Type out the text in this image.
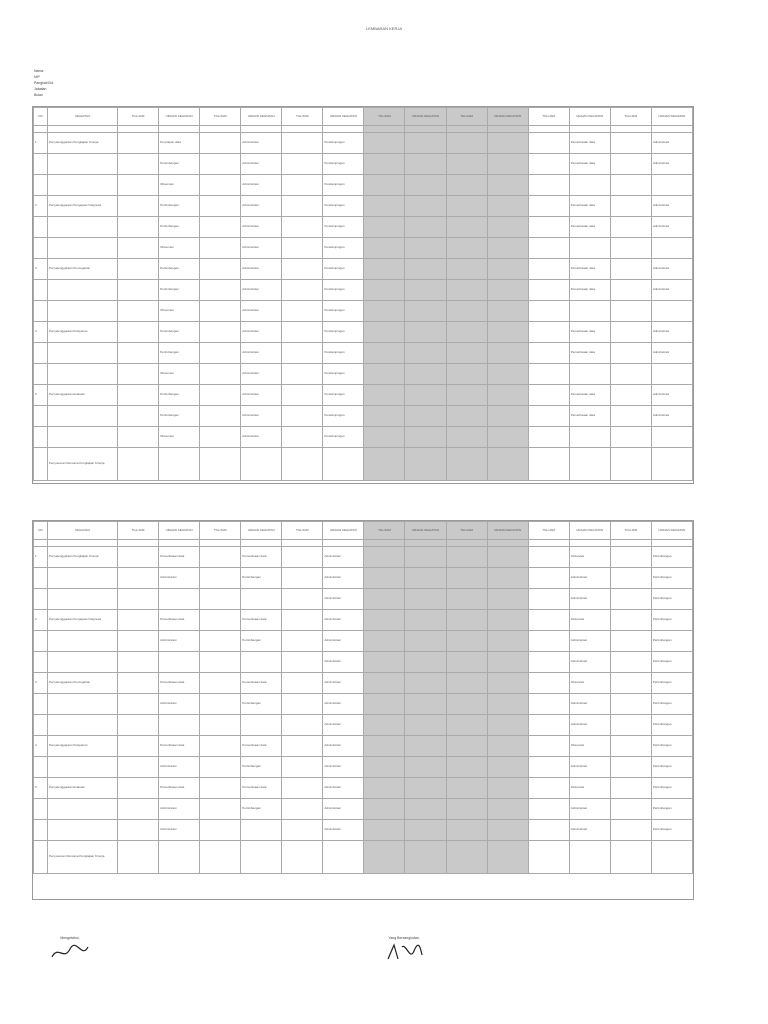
LEMBARAN KERJA
Nama
NIP
Pangkat/Gol
Jabatan
Bulan
NO	KEGIATAN	TGL/JAM	URAIAN KEGIATAN	TGL/JAM	URAIAN KEGIATAN	TGL/JAM	URAIAN KEGIATAN	TGL/JAM	URAIAN KEGIATAN	TGL/JAM	URAIAN KEGIATAN	TGL/JAM	URAIAN KEGIATAN	TGL/JAM	URAIAN KEGIATAN

1	Penyelenggaraan Pengkajian Kinerja		Penyiapan data		Administrasi		Pendampingan						Pemeriksaan data		Administrasi
			Pertimbangan		Administrasi		Pendampingan						Pemeriksaan data		Administrasi
			Observasi		Administrasi		Pendampingan								
2	Penyelenggaraan Pengajuan Diagnosa		Pertimbangan		Administrasi		Pendampingan						Pemeriksaan data		Administrasi
			Pertimbangan		Administrasi		Pendampingan						Pemeriksaan data		Administrasi
			Observasi		Administrasi		Pendampingan								
3	Penyelenggaraan Pencegahan		Pertimbangan		Administrasi		Pendampingan						Pemeriksaan data		Administrasi
			Pertimbangan		Administrasi		Pendampingan						Pemeriksaan data		Administrasi
			Observasi		Administrasi		Pendampingan								
4	Penyelenggaraan Pelayanan		Pertimbangan		Administrasi		Pendampingan						Pemeriksaan data		Administrasi
			Pertimbangan		Administrasi		Pendampingan						Pemeriksaan data		Administrasi
			Observasi		Administrasi		Pendampingan								
5	Penyelenggaraan Evaluasi		Pertimbangan		Administrasi		Pendampingan						Pemeriksaan data		Administrasi
			Pertimbangan		Administrasi		Pendampingan						Pemeriksaan data		Administrasi
			Observasi		Administrasi		Pendampingan								
	Penyusunan Rencana Pengkajian Kinerja														
NO	KEGIATAN	TGL/JAM	URAIAN KEGIATAN	TGL/JAM	URAIAN KEGIATAN	TGL/JAM	URAIAN KEGIATAN	TGL/JAM	URAIAN KEGIATAN	TGL/JAM	URAIAN KEGIATAN	TGL/JAM	URAIAN KEGIATAN	TGL/JAM	URAIAN KEGIATAN

1	Penyelenggaraan Pengkajian Kinerja		Pemeriksaan data		Pemeriksaan data		Administrasi						Observasi		Pertimbangan
			Administrasi		Pertimbangan		Administrasi						Administrasi		Pertimbangan
							Administrasi						Administrasi		Pertimbangan
2	Penyelenggaraan Pengajuan Diagnosa		Pemeriksaan data		Pemeriksaan data		Administrasi						Observasi		Pertimbangan
			Administrasi		Pertimbangan		Administrasi						Administrasi		Pertimbangan
							Administrasi						Administrasi		Pertimbangan
3	Penyelenggaraan Pencegahan		Pemeriksaan data		Pemeriksaan data		Administrasi						Observasi		Pertimbangan
			Administrasi		Pertimbangan		Administrasi						Administrasi		Pertimbangan
							Administrasi						Administrasi		Pertimbangan
4	Penyelenggaraan Pelayanan		Pemeriksaan data		Pemeriksaan data		Administrasi						Observasi		Pertimbangan
			Administrasi		Pertimbangan		Administrasi						Administrasi		Pertimbangan
5	Penyelenggaraan Evaluasi		Pemeriksaan data		Pemeriksaan data		Administrasi						Observasi		Pertimbangan
			Administrasi		Pertimbangan		Administrasi						Administrasi		Pertimbangan
			Administrasi				Administrasi						Administrasi		Pertimbangan
	Penyusunan Rencana Pengkajian Kinerja														
Mengetahui,	Yang Bersangkutan,
